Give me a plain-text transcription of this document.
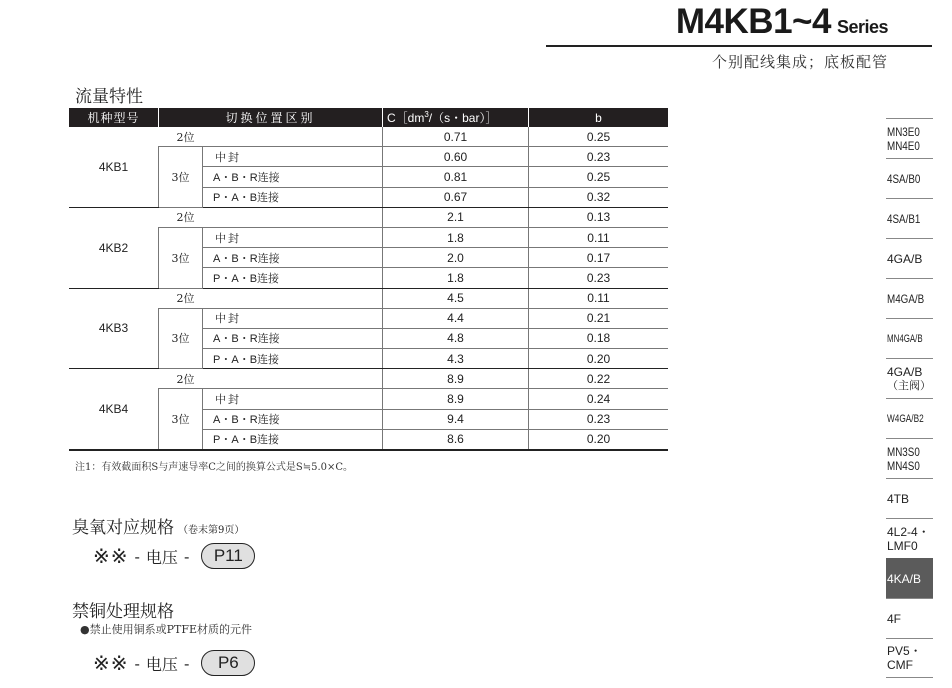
M4KB1~4 Series
个别配线集成；底板配管
流量特性
机种型号	切换位置区别		$C[dm^3/(s$・bar）］	b
4KB1	2位		0.71	0.25
	3位	中封	0.60	0.23
		A・B・R连接	0.81	0.25
		P・A・B连接	0.67	0.32
4KB2	2位		2.1	0.13
	3位	中封	1.8	0.11
		A・B・R连接	2.0	0.17
		P・A・B连接	1.8	0.23
4KB3	2位		4.5	0.11
	3位	中封	4.4	0.21
		A・B・R连接	4.8	0.18
		P・A・B连接	4.3	0.20
4KB4	2位		8.9	0.22
	3位	中封	8.9	0.24
		A・B・R连接	9.4	0.23
		P・A・B连接	8.6	0.20
注1：有效截面积S与声速导率C之间的换算公式是S≒5.0×C。
臭氧对应规格 （卷末第9页）
※※ - 电压 -	P11
禁铜处理规格
●禁止使用铜系或PTFE材质的元件
※※ - 电压 -	P6
MN3E0
MN4E0
4SA/B0
4SA/B1
4GA/B
M4GA/B
MN4GA/B
4GA/B
（主阀）
W4GA/B2
MN3S0
MN4S0
4TB
4L2-4・
LMF0
4KA/B
4F
PV5・
CMF
